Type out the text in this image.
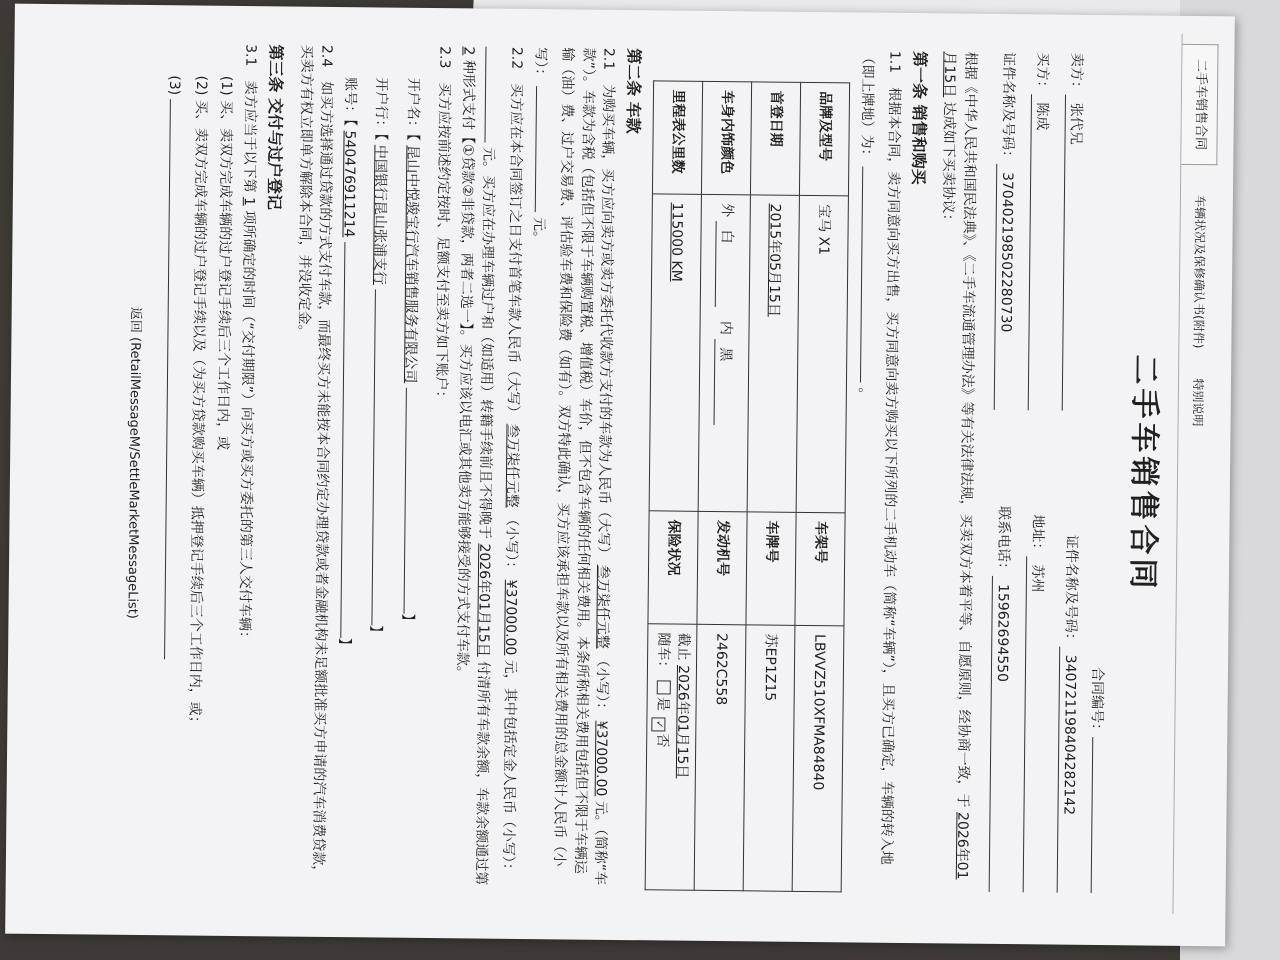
二手车销售合同
车辆状况及保修确认书(附件)
特别说明
二手车销售合同
合同编号：
卖方：
张代兄
证件名称及号码：
340721198404282142
买方：
陈成
地址：
苏州
证件名称及号码：
370402198502280730
联系电话：
15962694550
根据《中华人民共和国民法典》、《二手车流通管理办法》等有关法律法规，买卖双方本着平等、自愿原则，经协商一致，于 2026年01月15日 达成如下买卖协议：
第一条 销售和购买
1.1 根据本合同，卖方同意向买方出售，买方同意向卖方购买以下所列的二手机动车（简称“车辆”），且买方已确定，车辆的转入地（即上牌地）为：  。
品牌及型号	宝马 X1	车架号	LBVVZ510XFMA84840
首登日期	2015年05月15日	车牌号	苏EP1Z15
车身内饰颜色	外 白   内 黑	发动机号	2462C558
里程表公里数	115000 KM	保险状况	截止 2026年01月15日
随车： 是 ✓否
第二条 车款
2.1 为购买车辆，买方应向卖方或卖方委托代收款方支付的车款为人民币（大写） 叁万柒仟元整 （小写）： ¥37000.00 元。（简称“车款”）。车款为含税（包括但不限于车辆购置税、增值税）车价，但不包含车辆的任何相关费用。本条所称相关费用包括但不限于车辆运输（油）费、过户交易费、评估验车费和保险费（如有）。双方特此确认，买方应该承担车款以及所有相关费用的总金额计人民币（小写）：  元。
2.2 买方应在本合同签订之日支付首笔车款人民币（大写） 叁万柒仟元整 （小写）： ¥37000.00 元，其中包括定金人民币（小写）：  元。买方应在办理车辆过户和（如适用）转籍手续前且不得晚于 2026年01月15日 付清所有车款余额，车款余额通过第 2 种形式支付【①贷款②非贷款，两者二选一】。买方应该以电汇或其他卖方能够接受的方式支付车款。
2.3 买方应按前述约定按时、足额支付至卖方如下账户：
开户名：【 昆山中悦骏宝行汽车销售服务有限公司 】
开户行：【 中国银行昆山张浦支行 】
账号：【 540476911214 】
2.4 如买方选择通过贷款的方式支付车款，而最终买方未能按本合同约定办理贷款或者金融机构未足额批准买方申请的汽车消费贷款，买卖方有权立即单方解除本合同，并没收定金。
第三条 交付与过户登记
3.1 卖方应当于以下第 1 项所确定的时间（“交付期限”）向买方或买方委托的第三人交付车辆：
(1) 买、卖双方完成车辆的过户登记手续后三个工作日内，或
(2) 买、卖双方完成车辆的过户登记手续以及（为买方贷款购买车辆）抵押登记手续后三个工作日内，或；
(3)
返回 (RetailMessageM/SettleMarketMessageList)
